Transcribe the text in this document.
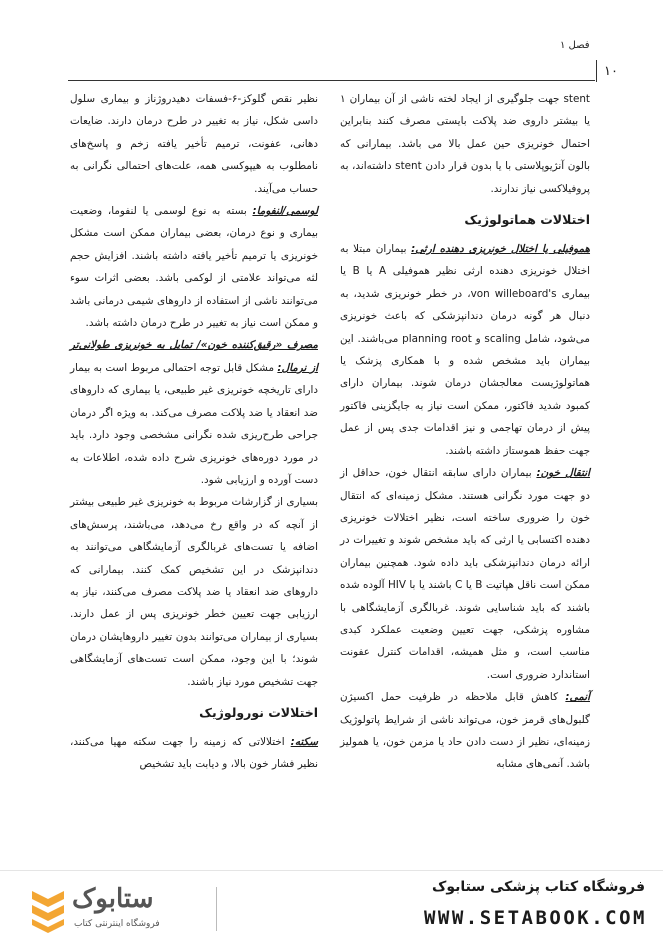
فصل ۱
۱۰

stent جهت جلوگیری از ایجاد لخته ناشی از آن بیماران ۱ یا بیشتر داروی ضد پلاکت بایستی مصرف کنند بنابراین احتمال خونریزی حین عمل بالا می باشد. بیمارانی که بالون آنژیوپلاستی با یا بدون قرار دادن stent داشته‌اند، به پروفیلاکسی نیاز ندارند.

اختلالات هماتولوژیک

هموفیلی یا اختلال خونریزی دهنده ارثی: بیماران مبتلا به اختلال خونریزی دهنده ارثی نظیر هموفیلی A یا B یا بیماری von willeboard's، در خطر خونریزی شدید، به دنبال هر گونه درمان دندانپزشکی که باعث خونریزی می‌شود، شامل scaling و planning root می‌باشند. این بیماران باید مشخص شده و با همکاری پزشک یا هماتولوژیست معالجشان درمان شوند. بیماران دارای کمبود شدید فاکتور، ممکن است نیاز به جایگزینی فاکتور پیش از درمان تهاجمی و نیز اقدامات جدی پس از عمل جهت حفظ هموستاز داشته باشند.

انتقال خون: بیماران دارای سابقه انتقال خون، حداقل از دو جهت مورد نگرانی هستند. مشکل زمینه‌ای که انتقال خون را ضروری ساخته است، نظیر اختلالات خونریزی دهنده اکتسابی یا ارثی که باید مشخص شوند و تغییرات در ارائه درمان دندانپزشکی باید داده شود. همچنین بیماران ممکن است ناقل هپاتیت B یا C باشند یا با HIV آلوده شده باشند که باید شناسایی شوند. غربالگری آزمایشگاهی با مشاوره پزشکی، جهت تعیین وضعیت عملکرد کبدی مناسب است، و مثل همیشه، اقدامات کنترل عفونت استاندارد ضروری است.

آنمی: کاهش قابل ملاحظه در ظرفیت حمل اکسیژن گلبول‌های قرمز خون، می‌تواند ناشی از شرایط پاتولوژیک زمینه‌ای، نظیر از دست دادن حاد یا مزمن خون، یا همولیز باشد. آنمی‌های مشابه

نظیر نقص گلوکز-۶-فسفات دهیدروژناز و بیماری سلول داسی شکل، نیاز به تغییر در طرح درمان دارند. ضایعات دهانی، عفونت، ترمیم تأخیر یافته زخم و پاسخ‌های نامطلوب به هیپوکسی همه، علت‌های احتمالی نگرانی به حساب می‌آیند.

لوسمی/لنفوما: بسته به نوع لوسمی یا لنفوما، وضعیت بیماری و نوع درمان، بعضی بیماران ممکن است مشکل خونریزی یا ترمیم تأخیر یافته داشته باشند. افزایش حجم لثه می‌تواند علامتی از لوکمی باشد. بعضی اثرات سوء می‌توانند ناشی از استفاده از داروهای شیمی درمانی باشد و ممکن است نیاز به تغییر در طرح درمان داشته باشد.

مصرف «رقیق‌کننده خون»/ تمایل به خونریزی طولانی‌تر از نرمال: مشکل قابل توجه احتمالی مربوط است به بیمار دارای تاریخچه خونریزی غیر طبیعی، یا بیماری که داروهای ضد انعقاد یا ضد پلاکت مصرف می‌کند. به ویژه اگر درمان جراحی طرح‌ریزی شده نگرانی مشخصی وجود دارد. باید در مورد دوره‌های خونریزی شرح داده شده، اطلاعات به دست آورده و ارزیابی شود.

بسیاری از گزارشات مربوط به خونریزی غیر طبیعی بیشتر از آنچه که در واقع رخ می‌دهد، می‌باشند، پرسش‌های اضافه یا تست‌های غربالگری آزمایشگاهی می‌توانند به دندانپزشک در این تشخیص کمک کنند. بیمارانی که داروهای ضد انعقاد یا ضد پلاکت مصرف می‌کنند، نیاز به ارزیابی جهت تعیین خطر خونریزی پس از عمل دارند. بسیاری از بیماران می‌توانند بدون تغییر داروهایشان درمان شوند؛ با این وجود، ممکن است تست‌های آزمایشگاهی جهت تشخیص مورد نیاز باشند.

اختلالات نورولوژیک

سکته: اختلالاتی که زمینه را جهت سکته مهیا می‌کنند، نظیر فشار خون بالا، و دیابت باید تشخیص

ستابوک
فروشگاه اینترنتی کتاب
فروشگاه کتاب پزشکی ستابوک
WWW.SETABOOK.COM
